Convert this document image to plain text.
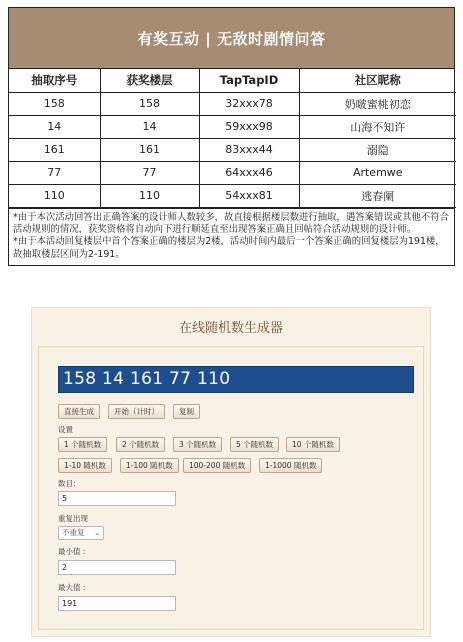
有奖互动 | 无敌时剧情问答
抽取序号	获奖楼层	TapTapID	社区昵称
158	158	32xxx78	奶啵蜜桃初恋
14	14	59xxx98	山海不知许
161	161	83xxx44	溺隐
77	77	64xxx46	Artemwe
110	110	54xxx81	逃春阑

*由于本次活动回答出正确答案的设计师人数较多，故直接根据楼层数进行抽取，遇答案错误或其他不符合活动规则的情况，获奖资格将自动向下进行顺延直至出现答案正确且回帖符合活动规则的设计师。

*由于本活动回复楼层中首个答案正确的楼层为2楼，活动时间内最后一个答案正确的回复楼层为191楼，故抽取楼层区间为2-191。

在线随机数生成器
158 14 161 77 110
直接生成	开始（计时）	复制
设置
1 个随机数	2 个随机数	3 个随机数	5 个随机数	10 个随机数
1-10 随机数	1-100 随机数	100-200 随机数	1-1000 随机数
数目:
5
重复出现
不重复 ⌄
最小值 :
2
最大值 :
191
